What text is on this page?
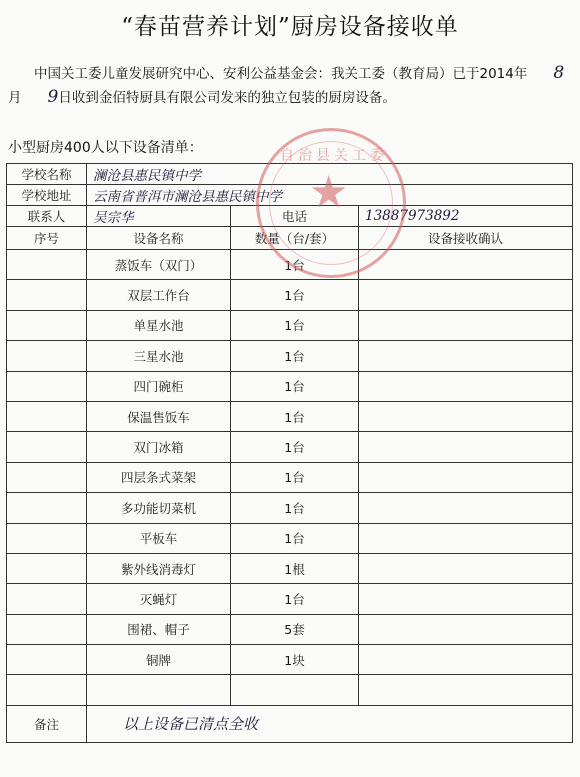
“春苗营养计划”厨房设备接收单
中国关工委儿童发展研究中心、安利公益基金会：我关工委（教育局）已于2014年 8月 9日收到金佰特厨具有限公司发来的独立包装的厨房设备。
小型厨房400人以下设备清单：
学校名称	澜沧县惠民镇中学		
学校地址	云南省普洱市澜沧县惠民镇中学		
联系人	吴宗华	电话	13887973892
序号	设备名称	数量（台/套）	设备接收确认
	蒸饭车（双门）	1台	
	双层工作台	1台	
	单星水池	1台	
	三星水池	1台	
	四门碗柜	1台	
	保温售饭车	1台	
	双门冰箱	1台	
	四层条式菜架	1台	
	多功能切菜机	1台	
	平板车	1台	
	紫外线消毒灯	1根	
	灭蝇灯	1台	
	围裙、帽子	5套	
	铜牌	1块	

备注	以上设备已清点全收		
自治县关工委
★
